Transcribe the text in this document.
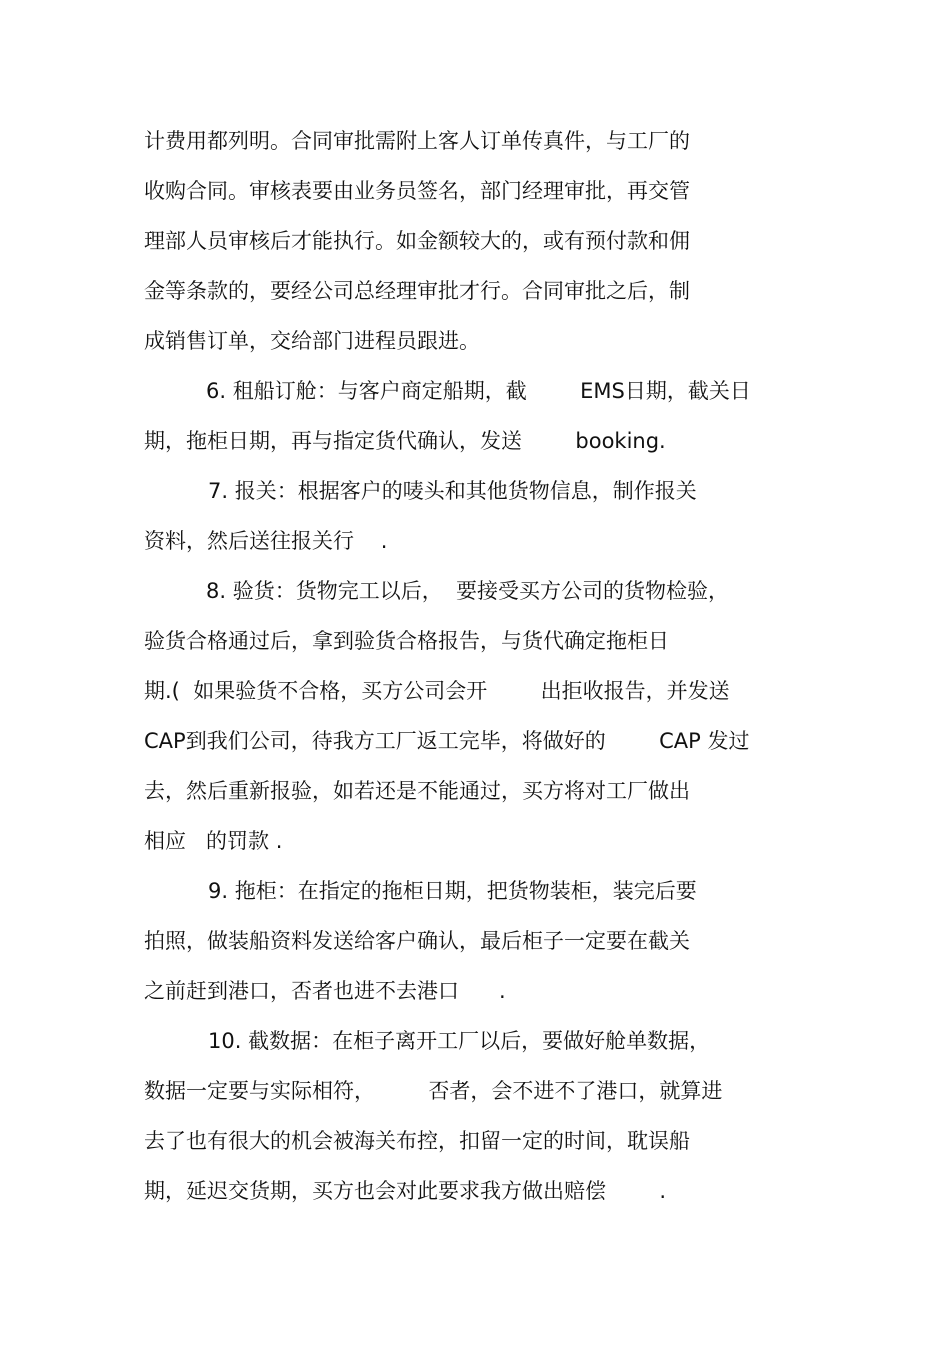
计费用都列明。合同审批需附上客人订单传真件，与工厂的
收购合同。审核表要由业务员签名，部门经理审批，再交管
理部人员审核后才能执行。如金额较大的，或有预付款和佣
金等条款的，要经公司总经理审批才行。合同审批之后，制
成销售订单，交给部门进程员跟进。
6. 租船订舱：与客户商定船期，截        EMS日期，截关日
期，拖柜日期，再与指定货代确认，发送        booking.
7. 报关：根据客户的唛头和其他货物信息，制作报关
资料，然后送往报关行    .
8. 验货：货物完工以后，  要接受买方公司的货物检验，
验货合格通过后，拿到验货合格报告，与货代确定拖柜日
期.(  如果验货不合格，买方公司会开        出拒收报告，并发送
CAP到我们公司，待我方工厂返工完毕，将做好的        CAP 发过
去，然后重新报验，如若还是不能通过，买方将对工厂做出
相应   的罚款 .
9. 拖柜：在指定的拖柜日期，把货物装柜，装完后要
拍照，做装船资料发送给客户确认，最后柜子一定要在截关
之前赶到港口，否者也进不去港口      .
10. 截数据：在柜子离开工厂以后，要做好舱单数据，
数据一定要与实际相符，        否者，会不进不了港口，就算进
去了也有很大的机会被海关布控，扣留一定的时间，耽误船
期，延迟交货期，买方也会对此要求我方做出赔偿        .
